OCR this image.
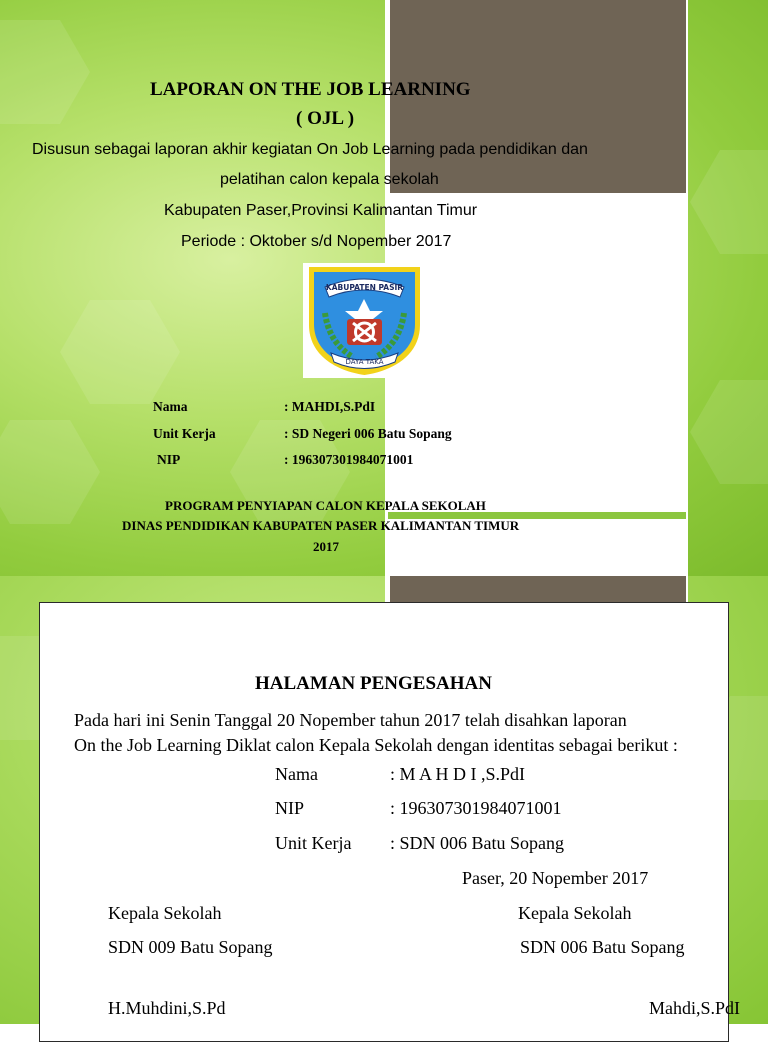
LAPORAN ON THE JOB LEARNING
( OJL )
Disusun sebagai laporan akhir kegiatan On Job Learning pada pendidikan dan
pelatihan calon kepala sekolah
Kabupaten Paser,Provinsi Kalimantan Timur
Periode : Oktober s/d Nopember 2017
KABUPATEN PASIR
DAYA TAKA
Nama	: MAHDI,S.PdI
Unit Kerja	: SD Negeri 006 Batu Sopang
NIP	: 196307301984071001
PROGRAM PENYIAPAN CALON KEPALA SEKOLAH
DINAS PENDIDIKAN KABUPATEN PASER KALIMANTAN TIMUR
2017
HALAMAN PENGESAHAN
Pada hari ini Senin Tanggal 20 Nopember tahun 2017 telah disahkan laporan
On the Job Learning Diklat calon Kepala Sekolah dengan identitas sebagai berikut :
Nama	: M A H D I ,S.PdI
NIP	: 196307301984071001
Unit Kerja : SDN 006 Batu Sopang
Paser, 20 Nopember 2017
Kepala Sekolah
SDN 009 Batu Sopang
H.Muhdini,S.Pd
Kepala Sekolah
SDN 006 Batu Sopang
Mahdi,S.PdI
